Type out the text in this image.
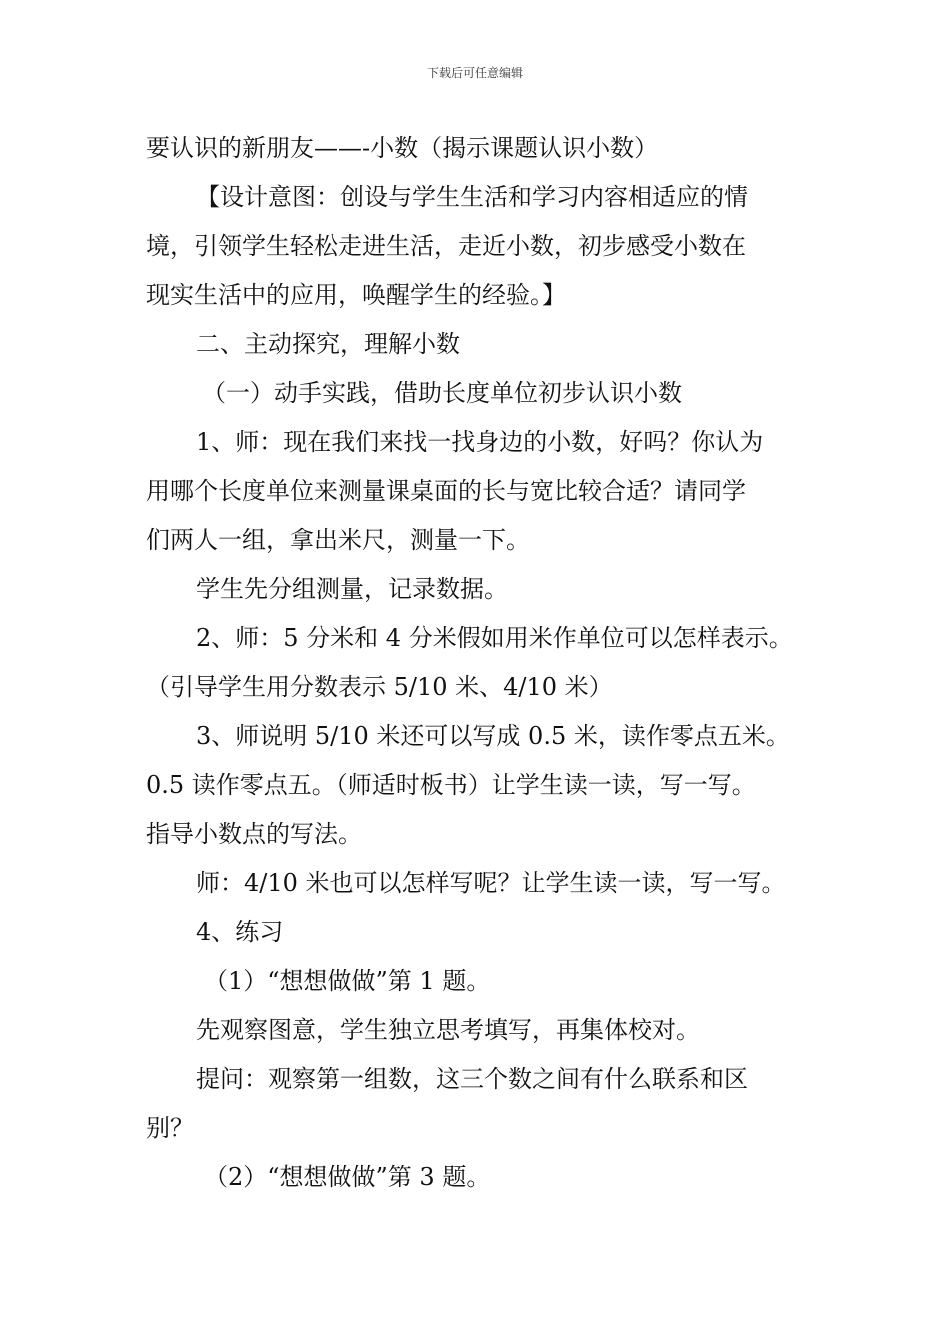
下载后可任意编辑
要认识的新朋友——-小数（揭示课题认识小数）
【设计意图：创设与学生生活和学习内容相适应的情
境，引领学生轻松走进生活，走近小数，初步感受小数在
现实生活中的应用，唤醒学生的经验。】
二、主动探究，理解小数
（一）动手实践，借助长度单位初步认识小数
1、师：现在我们来找一找身边的小数，好吗？你认为
用哪个长度单位来测量课桌面的长与宽比较合适？请同学
们两人一组，拿出米尺，测量一下。
学生先分组测量，记录数据。
2、师：5 分米和 4 分米假如用米作单位可以怎样表示。
（引导学生用分数表示 5/10 米、4/10 米）
3、师说明 5/10 米还可以写成 0.5 米，读作零点五米。
0.5 读作零点五。（师适时板书）让学生读一读，写一写。
指导小数点的写法。
师：4/10 米也可以怎样写呢？让学生读一读，写一写。
4、练习
（1）“想想做做”第 1 题。
先观察图意，学生独立思考填写，再集体校对。
提问：观察第一组数，这三个数之间有什么联系和区
别？
（2）“想想做做”第 3 题。
